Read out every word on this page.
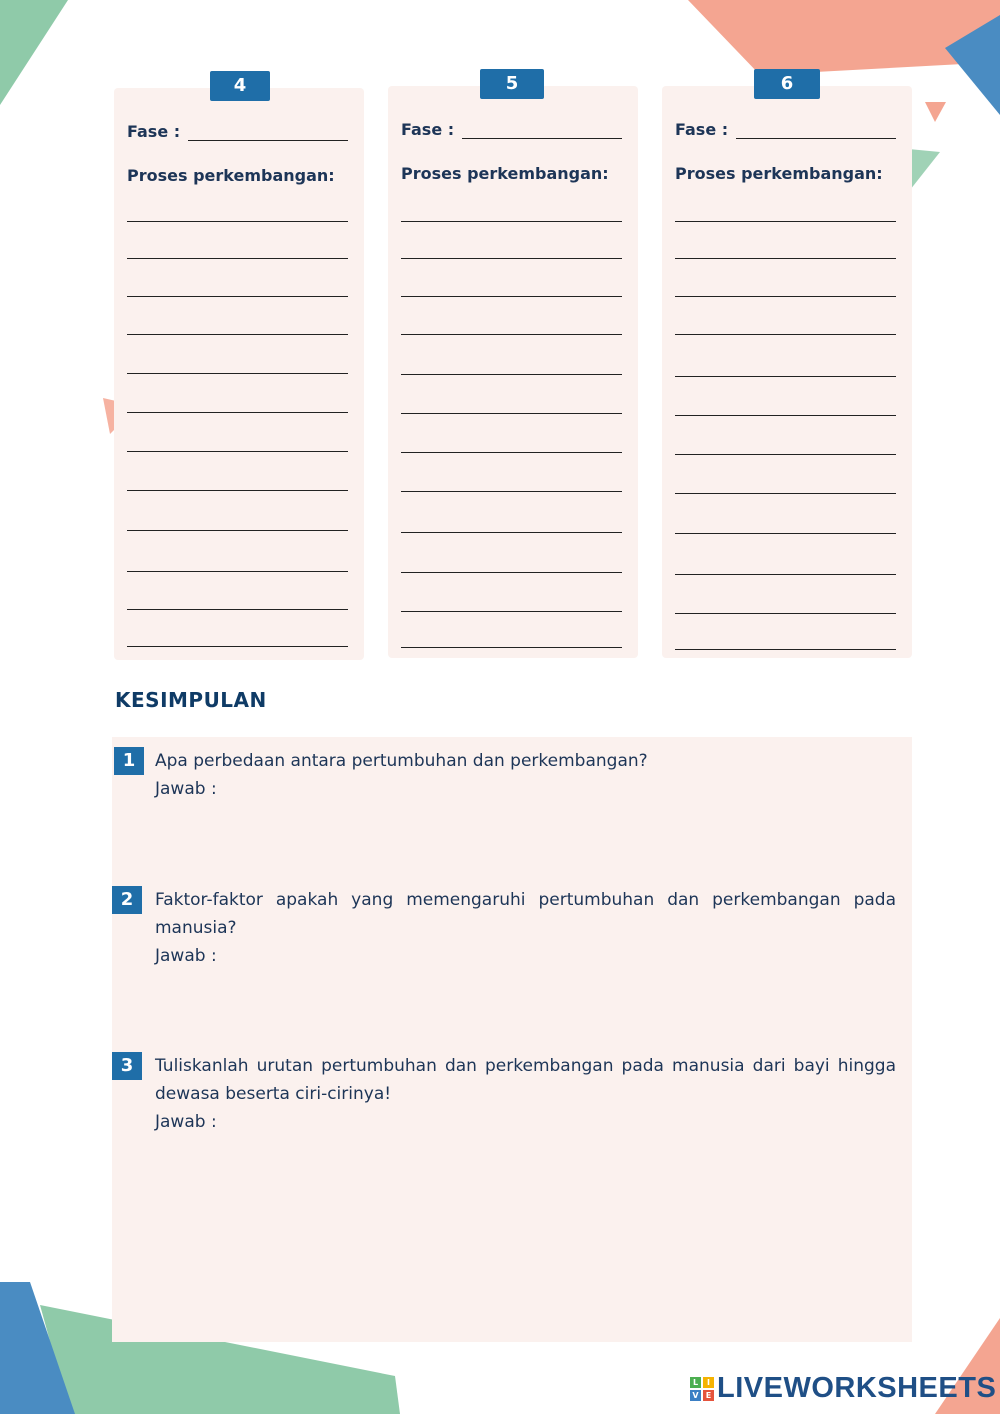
4
Fase :
Proses perkembangan:
5
Fase :
Proses perkembangan:
6
Fase :
Proses perkembangan:
KESIMPULAN
1	Apa perbedaan antara pertumbuhan dan perkembangan?
Jawab :
2	Faktor-faktor apakah yang memengaruhi pertumbuhan dan perkembangan pada manusia?
Jawab :
3	Tuliskanlah urutan pertumbuhan dan perkembangan pada manusia dari bayi hingga dewasa beserta ciri-cirinya!
Jawab :
L	I
V E LIVEWORKSHEETS
